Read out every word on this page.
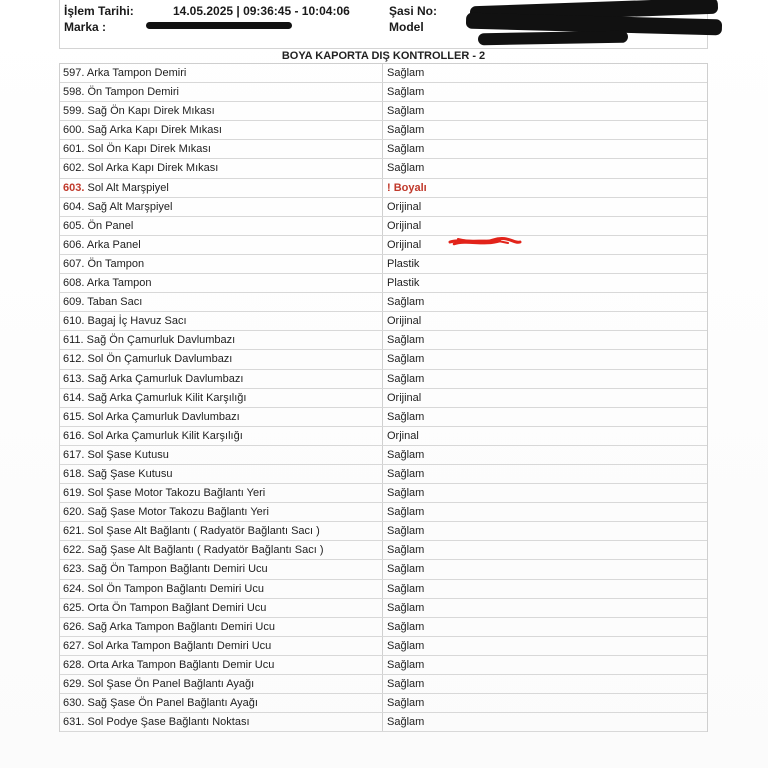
İşlem Tarihi:	14.05.2025 | 09:36:45 - 10:04:06
Marka :
Şasi No:
Model
BOYA KAPORTA DIŞ KONTROLLER - 2
597. Arka Tampon Demiri	Sağlam
598. Ön Tampon Demiri	Sağlam
599. Sağ Ön Kapı Direk Mıkası	Sağlam
600. Sağ Arka Kapı Direk Mıkası	Sağlam
601. Sol Ön Kapı Direk Mıkası	Sağlam
602. Sol Arka Kapı Direk Mıkası	Sağlam
603. Sol Alt Marşpiyel	! Boyalı
604. Sağ Alt Marşpiyel	Orijinal
605. Ön Panel	Orijinal
606. Arka Panel	Orijinal
607. Ön Tampon	Plastik
608. Arka Tampon	Plastik
609. Taban Sacı	Sağlam
610. Bagaj İç Havuz Sacı	Orijinal
611. Sağ Ön Çamurluk Davlumbazı	Sağlam
612. Sol Ön Çamurluk Davlumbazı	Sağlam
613. Sağ Arka Çamurluk Davlumbazı	Sağlam
614. Sağ Arka Çamurluk Kilit Karşılığı	Orijinal
615. Sol Arka Çamurluk Davlumbazı	Sağlam
616. Sol Arka Çamurluk Kilit Karşılığı	Orjinal
617. Sol Şase Kutusu	Sağlam
618. Sağ Şase Kutusu	Sağlam
619. Sol Şase Motor Takozu Bağlantı Yeri	Sağlam
620. Sağ Şase Motor Takozu Bağlantı Yeri	Sağlam
621. Sol Şase Alt Bağlantı ( Radyatör Bağlantı Sacı )	Sağlam
622. Sağ Şase Alt Bağlantı ( Radyatör Bağlantı Sacı )	Sağlam
623. Sağ Ön Tampon Bağlantı Demiri Ucu	Sağlam
624. Sol Ön Tampon Bağlantı Demiri Ucu	Sağlam
625. Orta Ön Tampon Bağlant Demiri Ucu	Sağlam
626. Sağ Arka Tampon Bağlantı Demiri Ucu	Sağlam
627. Sol Arka Tampon Bağlantı Demiri Ucu	Sağlam
628. Orta Arka Tampon Bağlantı Demir Ucu	Sağlam
629. Sol Şase Ön Panel Bağlantı Ayağı	Sağlam
630. Sağ Şase Ön Panel Bağlantı Ayağı	Sağlam
631. Sol Podye Şase Bağlantı Noktası	Sağlam
